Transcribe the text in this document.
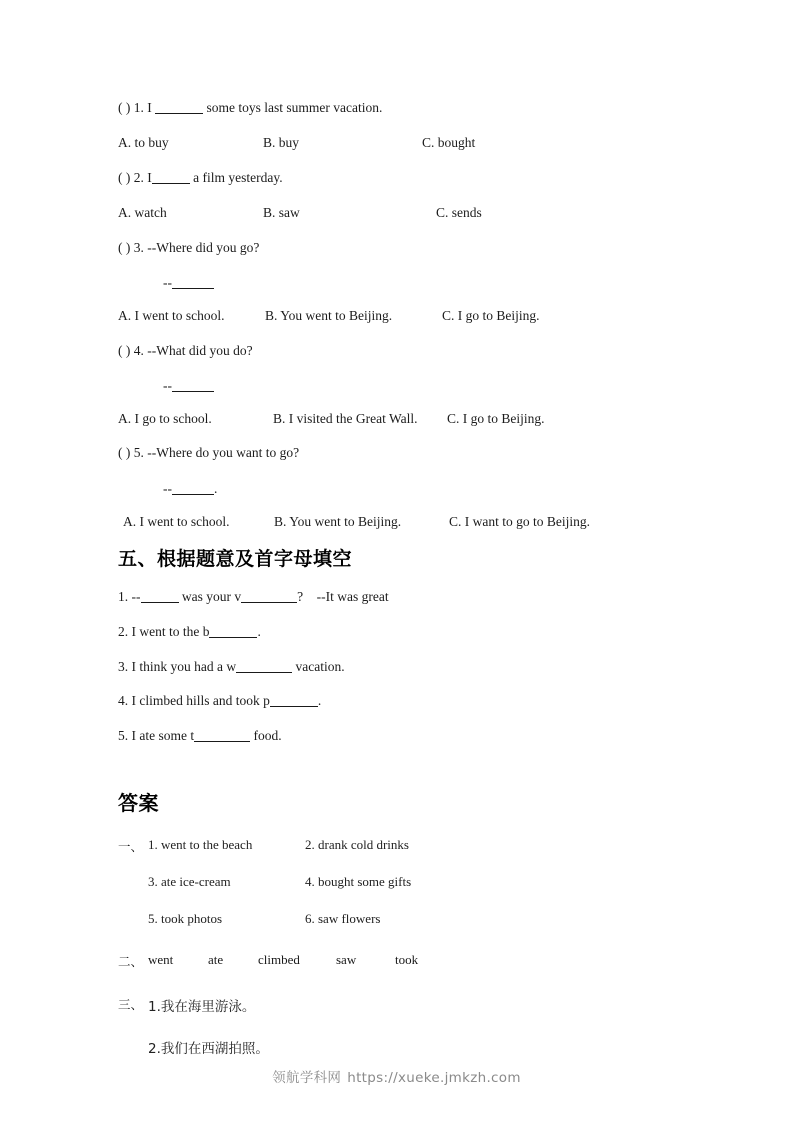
( ) 1. I	some toys last summer vacation.
A. to buy	B. buy	C. bought
( ) 2. I	a film yesterday.
A. watch	B. saw	C. sends
( ) 3. --Where did you go?
--
A. I went to school.	B. You went to Beijing.	C. I go to Beijing.
( ) 4. --What did you do?
--
A. I go to school.	B. I visited the Great Wall. C. I go to Beijing.
( ) 5. --Where do you want to go?
--	.
A. I went to school.	B. You went to Beijing.	C. I want to go to Beijing.
五、根据题意及首字母填空
1. --	was your v	? --It was great
2. I went to the b	.
3. I think you had a w	vacation.
4. I climbed hills and took p	.
5. I ate some t	food.
答案
一、 1. went to the beach	2. drank cold drinks
3. ate ice-cream	4. bought some gifts
5. took photos	6. saw flowers
二、 went	ate	climbed	saw	took
三、 1.我在海里游泳。
2.我们在西湖拍照。
领航学科网 https://xueke.jmkzh.com
